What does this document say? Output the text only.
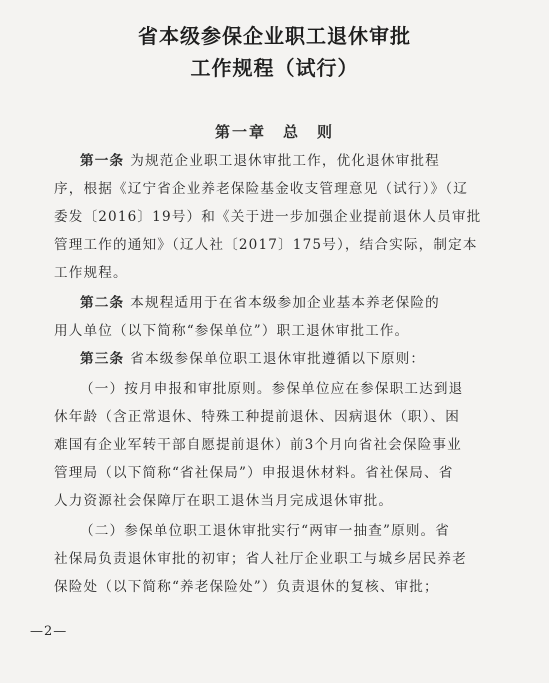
省本级参保企业职工退休审批
工作规程（试行）
第一章　总　则
第一条 为规范企业职工退休审批工作，优化退休审批程
序，根据《辽宁省企业养老保险基金收支管理意见（试行）》（辽
委发〔2016〕19号）和《关于进一步加强企业提前退休人员审批
管理工作的通知》（辽人社〔2017〕175号），结合实际，制定本
工作规程。
第二条 本规程适用于在省本级参加企业基本养老保险的
用人单位（以下简称“参保单位”）职工退休审批工作。
第三条 省本级参保单位职工退休审批遵循以下原则：
（一）按月申报和审批原则。参保单位应在参保职工达到退
休年龄（含正常退休、特殊工种提前退休、因病退休（职）、困
难国有企业军转干部自愿提前退休）前3个月向省社会保险事业
管理局（以下简称“省社保局”）申报退休材料。省社保局、省
人力资源社会保障厅在职工退休当月完成退休审批。
（二）参保单位职工退休审批实行“两审一抽查”原则。省
社保局负责退休审批的初审；省人社厅企业职工与城乡居民养老
保险处（以下简称“养老保险处”）负责退休的复核、审批；
—2—
